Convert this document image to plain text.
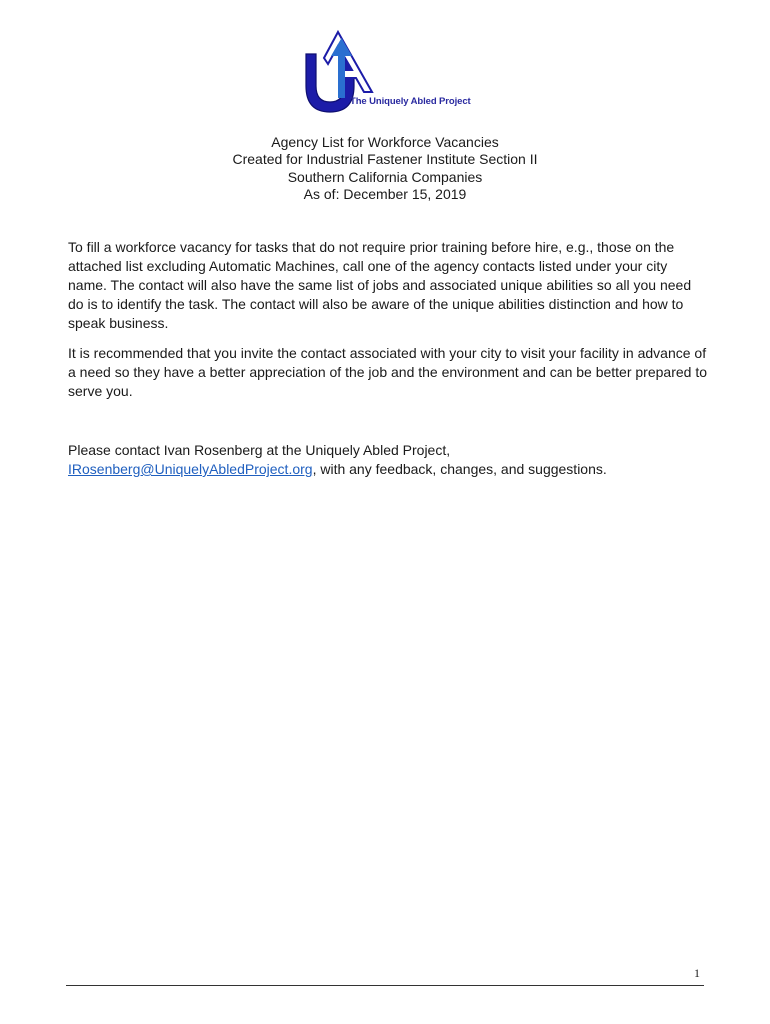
The Uniquely Abled Project
Agency List for Workforce Vacancies
Created for Industrial Fastener Institute Section II
Southern California Companies
As of: December 15, 2019

To fill a workforce vacancy for tasks that do not require prior training before hire, e.g., those on the attached list excluding Automatic Machines, call one of the agency contacts listed under your city name. The contact will also have the same list of jobs and associated unique abilities so all you need do is to identify the task. The contact will also be aware of the unique abilities distinction and how to speak business.

It is recommended that you invite the contact associated with your city to visit your facility in advance of a need so they have a better appreciation of the job and the environment and can be better prepared to serve you.

Please contact Ivan Rosenberg at the Uniquely Abled Project,
IRosenberg@UniquelyAbledProject.org, with any feedback, changes, and suggestions.

1
